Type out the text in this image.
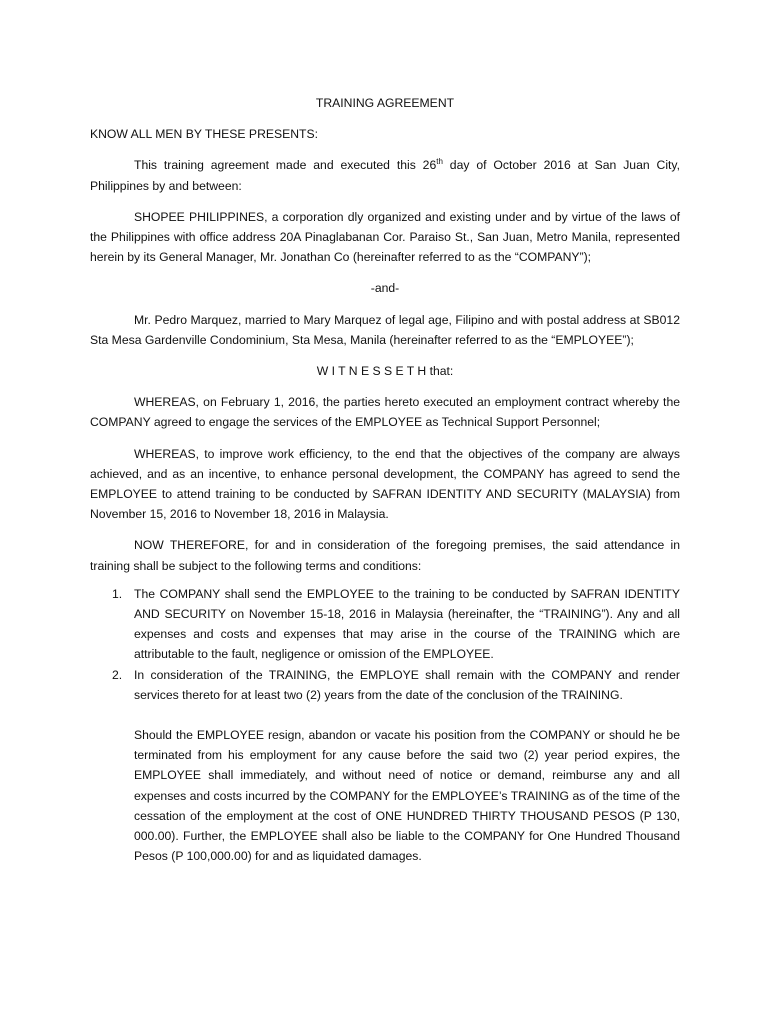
TRAINING AGREEMENT
KNOW ALL MEN BY THESE PRESENTS:

This training agreement made and executed this 26th day of October 2016 at San Juan City, Philippines by and between:

SHOPEE PHILIPPINES, a corporation dly organized and existing under and by virtue of the laws of the Philippines with office address 20A Pinaglabanan Cor. Paraiso St., San Juan, Metro Manila, represented herein by its General Manager, Mr. Jonathan Co (hereinafter referred to as the “COMPANY”);

-and-

Mr. Pedro Marquez, married to Mary Marquez of legal age, Filipino and with postal address at SB012 Sta Mesa Gardenville Condominium, Sta Mesa, Manila (hereinafter referred to as the “EMPLOYEE”);

W I T N E S S E T H that:

WHEREAS, on February 1, 2016, the parties hereto executed an employment contract whereby the COMPANY agreed to engage the services of the EMPLOYEE as Technical Support Personnel;

WHEREAS, to improve work efficiency, to the end that the objectives of the company are always achieved, and as an incentive, to enhance personal development, the COMPANY has agreed to send the EMPLOYEE to attend training to be conducted by SAFRAN IDENTITY AND SECURITY (MALAYSIA) from November 15, 2016 to November 18, 2016 in Malaysia.

NOW THEREFORE, for and in consideration of the foregoing premises, the said attendance in training shall be subject to the following terms and conditions:

1. The COMPANY shall send the EMPLOYEE to the training to be conducted by SAFRAN IDENTITY AND SECURITY on November 15-18, 2016 in Malaysia (hereinafter, the “TRAINING”). Any and all expenses and costs and expenses that may arise in the course of the TRAINING which are attributable to the fault, negligence or omission of the EMPLOYEE.
2. In consideration of the TRAINING, the EMPLOYE shall remain with the COMPANY and render services thereto for at least two (2) years from the date of the conclusion of the TRAINING.
Should the EMPLOYEE resign, abandon or vacate his position from the COMPANY or should he be terminated from his employment for any cause before the said two (2) year period expires, the EMPLOYEE shall immediately, and without need of notice or demand, reimburse any and all expenses and costs incurred by the COMPANY for the EMPLOYEE’s TRAINING as of the time of the cessation of the employment at the cost of ONE HUNDRED THIRTY THOUSAND PESOS (P 130, 000.00). Further, the EMPLOYEE shall also be liable to the COMPANY for One Hundred Thousand Pesos (P 100,000.00) for and as liquidated damages.
